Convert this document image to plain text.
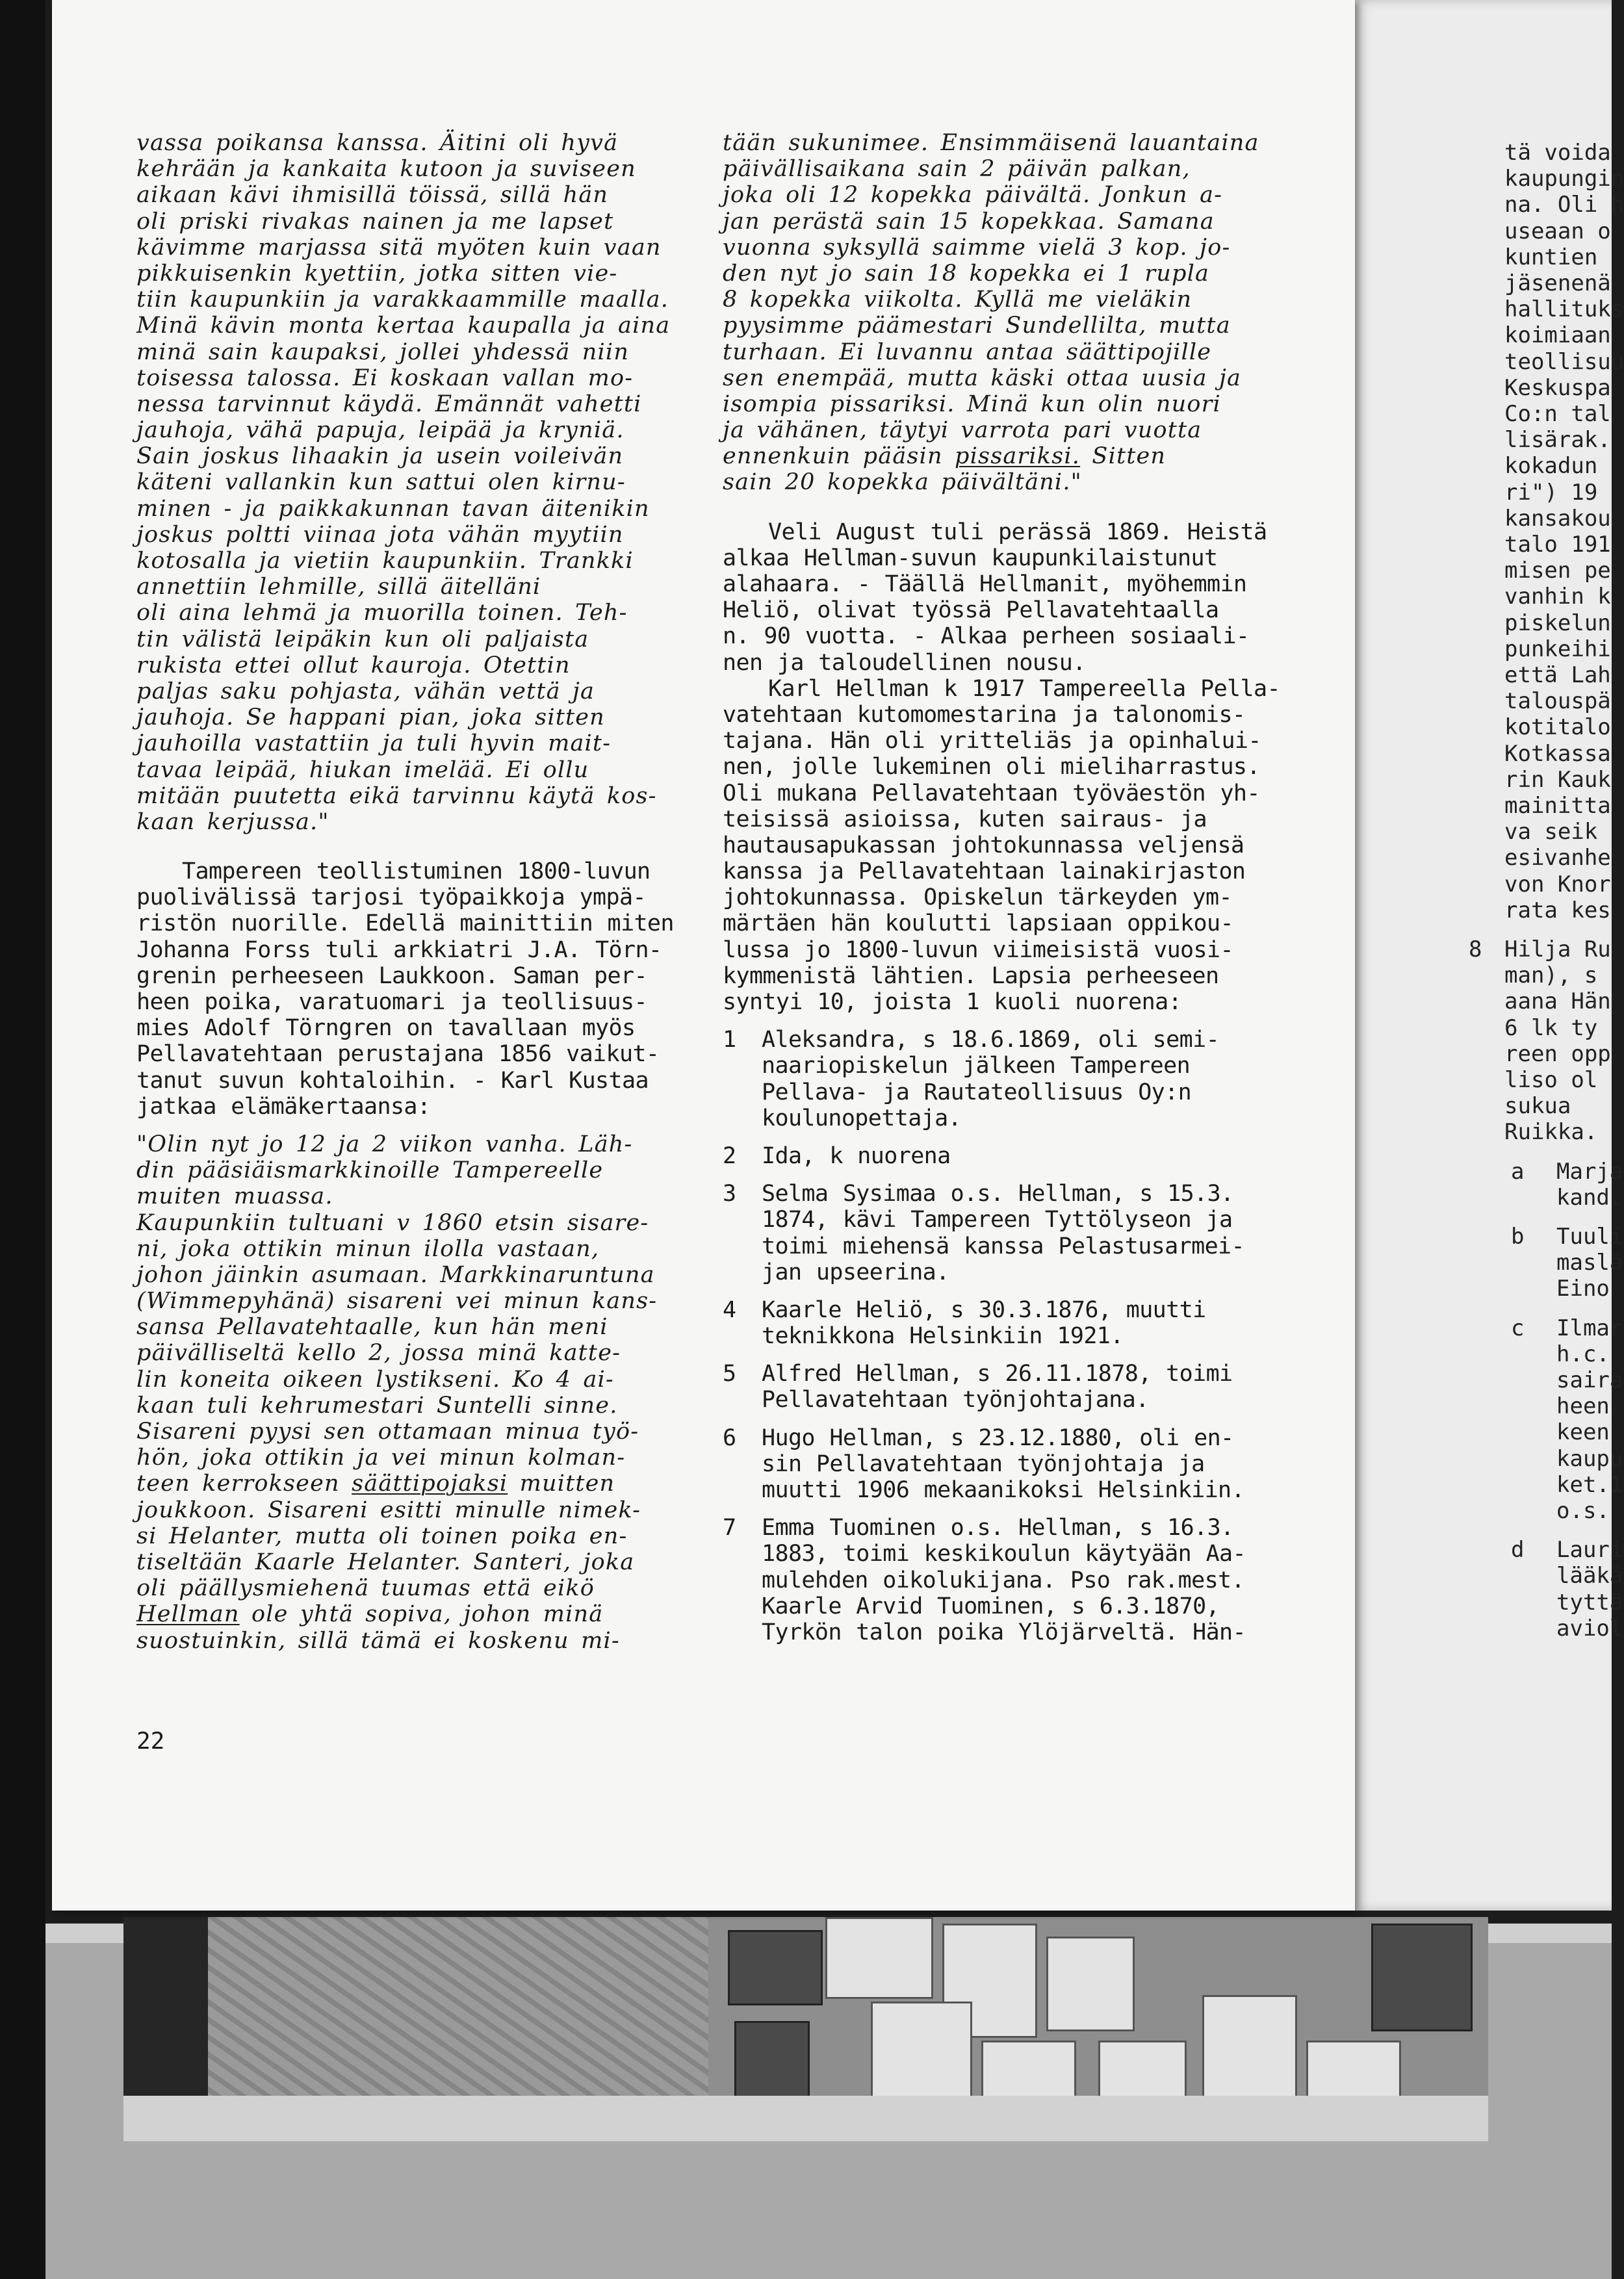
tä voida
kaupungin
na. Oli h
useaan o
kuntien
jäsenenä
hallituks
koimiaan
teollisuu
Keskuspa
Co:n tal
lisärak.
kokadun
ri") 19
kansakou
talo 191
misen pe
vanhin k
piskelun
punkeihi
että Lah
talouspä
kotitalo
Kotkassa
rin Kauk
mainitta
va seik
esivanhe
von Knor
rata kes
8 Hilja Ru
man), s
aana Hän
6 lk ty
reen opp
liso ol
sukua
Ruikka.
a Marja
kand.
b Tuuli
maslä
Eino
c Ilmar
h.c.
saira
heen
keen
kaupu
ket.1
o.s.
d Lauri
lääkä
tyttä
aviol
vassa poikansa kanssa. Äitini oli hyvä
kehrään ja kankaita kutoon ja suviseen
aikaan kävi ihmisillä töissä, sillä hän
oli priski rivakas nainen ja me lapset
kävimme marjassa sitä myöten kuin vaan
pikkuisenkin kyettiin, jotka sitten vie-
tiin kaupunkiin ja varakkaammille maalla.
Minä kävin monta kertaa kaupalla ja aina
minä sain kaupaksi, jollei yhdessä niin
toisessa talossa. Ei koskaan vallan mo-
nessa tarvinnut käydä. Emännät vahetti
jauhoja, vähä papuja, leipää ja kryniä.
Sain joskus lihaakin ja usein voileivän
käteni vallankin kun sattui olen kirnu-
minen - ja paikkakunnan tavan äitenikin
joskus poltti viinaa jota vähän myytiin
kotosalla ja vietiin kaupunkiin. Trankki
annettiin lehmille, sillä äitelläni
oli aina lehmä ja muorilla toinen. Teh-
tin välistä leipäkin kun oli paljaista
rukista ettei ollut kauroja. Otettin
paljas saku pohjasta, vähän vettä ja
jauhoja. Se happani pian, joka sitten
jauhoilla vastattiin ja tuli hyvin mait-
tavaa leipää, hiukan imelää. Ei ollu
mitään puutetta eikä tarvinnu käytä kos-
kaan kerjussa."
Tampereen teollistuminen 1800-luvun
puolivälissä tarjosi työpaikkoja ympä-
ristön nuorille. Edellä mainittiin miten
Johanna Forss tuli arkkiatri J.A. Törn-
grenin perheeseen Laukkoon. Saman per-
heen poika, varatuomari ja teollisuus-
mies Adolf Törngren on tavallaan myös
Pellavatehtaan perustajana 1856 vaikut-
tanut suvun kohtaloihin. - Karl Kustaa
jatkaa elämäkertaansa:
"Olin nyt jo 12 ja 2 viikon vanha. Läh-
din pääsiäismarkkinoille Tampereelle
muiten muassa.
Kaupunkiin tultuani v 1860 etsin sisare-
ni, joka ottikin minun ilolla vastaan,
johon jäinkin asumaan. Markkinaruntuna
(Wimmepyhänä) sisareni vei minun kans-
sansa Pellavatehtaalle, kun hän meni
päivälliseltä kello 2, jossa minä katte-
lin koneita oikeen lystikseni. Ko 4 ai-
kaan tuli kehrumestari Suntelli sinne.
Sisareni pyysi sen ottamaan minua työ-
hön, joka ottikin ja vei minun kolman-
teen kerrokseen säättipojaksi muitten
joukkoon. Sisareni esitti minulle nimek-
si Helanter, mutta oli toinen poika en-
tiseltään Kaarle Helanter. Santeri, joka
oli päällysmiehenä tuumas että eikö
Hellman ole yhtä sopiva, johon minä
suostuinkin, sillä tämä ei koskenu mi-
tään sukunimee. Ensimmäisenä lauantaina
päivällisaikana sain 2 päivän palkan,
joka oli 12 kopekka päivältä. Jonkun a-
jan perästä sain 15 kopekkaa. Samana
vuonna syksyllä saimme vielä 3 kop. jo-
den nyt jo sain 18 kopekka ei 1 rupla
8 kopekka viikolta. Kyllä me vieläkin
pyysimme päämestari Sundellilta, mutta
turhaan. Ei luvannu antaa säättipojille
sen enempää, mutta käski ottaa uusia ja
isompia pissariksi. Minä kun olin nuori
ja vähänen, täytyi varrota pari vuotta
ennenkuin pääsin pissariksi. Sitten
sain 20 kopekka päivältäni."
Veli August tuli perässä 1869. Heistä
alkaa Hellman-suvun kaupunkilaistunut
alahaara. - Täällä Hellmanit, myöhemmin
Heliö, olivat työssä Pellavatehtaalla
n. 90 vuotta. - Alkaa perheen sosiaali-
nen ja taloudellinen nousu.
Karl Hellman k 1917 Tampereella Pella-
vatehtaan kutomomestarina ja talonomis-
tajana. Hän oli yritteliäs ja opinhalui-
nen, jolle lukeminen oli mieliharrastus.
Oli mukana Pellavatehtaan työväestön yh-
teisissä asioissa, kuten sairaus- ja
hautausapukassan johtokunnassa veljensä
kanssa ja Pellavatehtaan lainakirjaston
johtokunnassa. Opiskelun tärkeyden ym-
märtäen hän koulutti lapsiaan oppikou-
lussa jo 1800-luvun viimeisistä vuosi-
kymmenistä lähtien. Lapsia perheeseen
syntyi 10, joista 1 kuoli nuorena:
1	Aleksandra, s 18.6.1869, oli semi-
naariopiskelun jälkeen Tampereen
Pellava- ja Rautateollisuus Oy:n
koulunopettaja.
2	Ida, k nuorena
3	Selma Sysimaa o.s. Hellman, s 15.3.
1874, kävi Tampereen Tyttölyseon ja
toimi miehensä kanssa Pelastusarmei-
jan upseerina.
4	Kaarle Heliö, s 30.3.1876, muutti
teknikkona Helsinkiin 1921.
5	Alfred Hellman, s 26.11.1878, toimi
Pellavatehtaan työnjohtajana.
6	Hugo Hellman, s 23.12.1880, oli en-
sin Pellavatehtaan työnjohtaja ja
muutti 1906 mekaanikoksi Helsinkiin.
7	Emma Tuominen o.s. Hellman, s 16.3.
1883, toimi keskikoulun käytyään Aa-
mulehden oikolukijana. Pso rak.mest.
Kaarle Arvid Tuominen, s 6.3.1870,
Tyrkön talon poika Ylöjärveltä. Hän-
22
